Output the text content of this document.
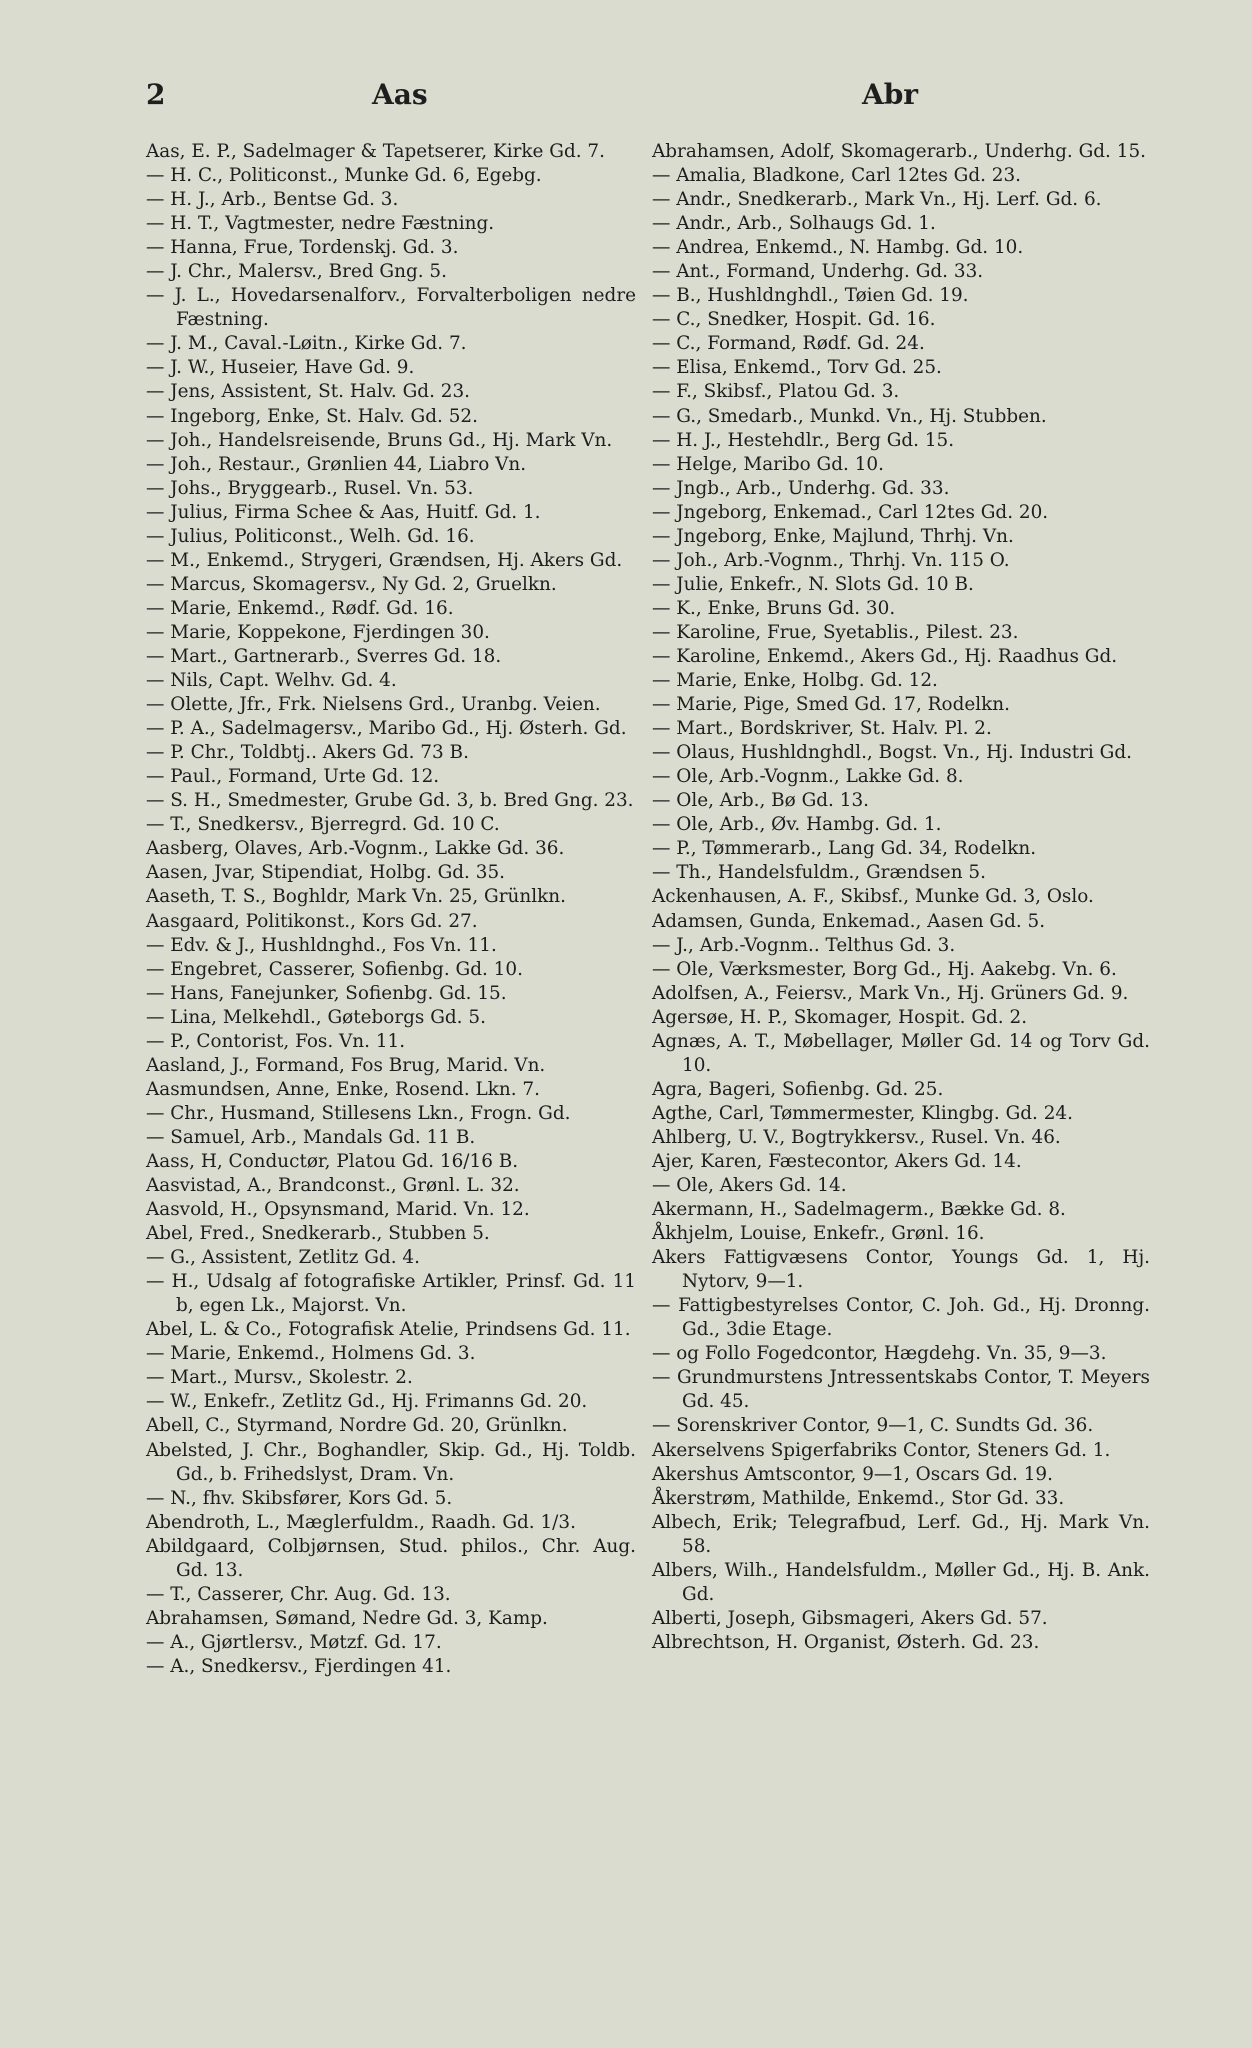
2	Aas	Abr
Aas, E. P., Sadelmager & Tapetserer, Kirke Gd. 7.
— H. C., Politiconst., Munke Gd. 6, Egebg.
— H. J., Arb., Bentse Gd. 3.
— H. T., Vagtmester, nedre Fæstning.
— Hanna, Frue, Tordenskj. Gd. 3.
— J. Chr., Malersv., Bred Gng. 5.
— J. L., Hovedarsenalforv., Forvalterboligen nedre Fæstning.
— J. M., Caval.-Løitn., Kirke Gd. 7.
— J. W., Huseier, Have Gd. 9.
— Jens, Assistent, St. Halv. Gd. 23.
— Ingeborg, Enke, St. Halv. Gd. 52.
— Joh., Handelsreisende, Bruns Gd., Hj. Mark Vn.
— Joh., Restaur., Grønlien 44, Liabro Vn.
— Johs., Bryggearb., Rusel. Vn. 53.
— Julius, Firma Schee & Aas, Huitf. Gd. 1.
— Julius, Politiconst., Welh. Gd. 16.
— M., Enkemd., Strygeri, Grændsen, Hj. Akers Gd.
— Marcus, Skomagersv., Ny Gd. 2, Gruelkn.
— Marie, Enkemd., Rødf. Gd. 16.
— Marie, Koppekone, Fjerdingen 30.
— Mart., Gartnerarb., Sverres Gd. 18.
— Nils, Capt. Welhv. Gd. 4.
— Olette, Jfr., Frk. Nielsens Grd., Uranbg. Veien.
— P. A., Sadelmagersv., Maribo Gd., Hj. Østerh. Gd.
— P. Chr., Toldbtj.. Akers Gd. 73 B.
— Paul., Formand, Urte Gd. 12.
— S. H., Smedmester, Grube Gd. 3, b. Bred Gng. 23.
— T., Snedkersv., Bjerregrd. Gd. 10 C.
Aasberg, Olaves, Arb.-Vognm., Lakke Gd. 36.
Aasen, Jvar, Stipendiat, Holbg. Gd. 35.
Aaseth, T. S., Boghldr, Mark Vn. 25, Grünlkn.
Aasgaard, Politikonst., Kors Gd. 27.
— Edv. & J., Hushldnghd., Fos Vn. 11.
— Engebret, Casserer, Sofienbg. Gd. 10.
— Hans, Fanejunker, Sofienbg. Gd. 15.
— Lina, Melkehdl., Gøteborgs Gd. 5.
— P., Contorist, Fos. Vn. 11.
Aasland, J., Formand, Fos Brug, Marid. Vn.
Aasmundsen, Anne, Enke, Rosend. Lkn. 7.
— Chr., Husmand, Stillesens Lkn., Frogn. Gd.
— Samuel, Arb., Mandals Gd. 11 B.
Aass, H, Conductør, Platou Gd. 16/16 B.
Aasvistad, A., Brandconst., Grønl. L. 32.
Aasvold, H., Opsynsmand, Marid. Vn. 12.
Abel, Fred., Snedkerarb., Stubben 5.
— G., Assistent, Zetlitz Gd. 4.
— H., Udsalg af fotografiske Artikler, Prinsf. Gd. 11 b, egen Lk., Majorst. Vn.
Abel, L. & Co., Fotografisk Atelie, Prindsens Gd. 11.
— Marie, Enkemd., Holmens Gd. 3.
— Mart., Mursv., Skolestr. 2.
— W., Enkefr., Zetlitz Gd., Hj. Frimanns Gd. 20.
Abell, C., Styrmand, Nordre Gd. 20, Grünlkn.
Abelsted, J. Chr., Boghandler, Skip. Gd., Hj. Toldb. Gd., b. Frihedslyst, Dram. Vn.
— N., fhv. Skibsfører, Kors Gd. 5.
Abendroth, L., Mæglerfuldm., Raadh. Gd. 1/3.
Abildgaard, Colbjørnsen, Stud. philos., Chr. Aug. Gd. 13.
— T., Casserer, Chr. Aug. Gd. 13.
Abrahamsen, Sømand, Nedre Gd. 3, Kamp.
— A., Gjørtlersv., Møtzf. Gd. 17.
— A., Snedkersv., Fjerdingen 41.
Abrahamsen, Adolf, Skomagerarb., Underhg. Gd. 15.
— Amalia, Bladkone, Carl 12tes Gd. 23.
— Andr., Snedkerarb., Mark Vn., Hj. Lerf. Gd. 6.
— Andr., Arb., Solhaugs Gd. 1.
— Andrea, Enkemd., N. Hambg. Gd. 10.
— Ant., Formand, Underhg. Gd. 33.
— B., Hushldnghdl., Tøien Gd. 19.
— C., Snedker, Hospit. Gd. 16.
— C., Formand, Rødf. Gd. 24.
— Elisa, Enkemd., Torv Gd. 25.
— F., Skibsf., Platou Gd. 3.
— G., Smedarb., Munkd. Vn., Hj. Stubben.
— H. J., Hestehdlr., Berg Gd. 15.
— Helge, Maribo Gd. 10.
— Jngb., Arb., Underhg. Gd. 33.
— Jngeborg, Enkemad., Carl 12tes Gd. 20.
— Jngeborg, Enke, Majlund, Thrhj. Vn.
— Joh., Arb.-Vognm., Thrhj. Vn. 115 O.
— Julie, Enkefr., N. Slots Gd. 10 B.
— K., Enke, Bruns Gd. 30.
— Karoline, Frue, Syetablis., Pilest. 23.
— Karoline, Enkemd., Akers Gd., Hj. Raadhus Gd.
— Marie, Enke, Holbg. Gd. 12.
— Marie, Pige, Smed Gd. 17, Rodelkn.
— Mart., Bordskriver, St. Halv. Pl. 2.
— Olaus, Hushldnghdl., Bogst. Vn., Hj. Industri Gd.
— Ole, Arb.-Vognm., Lakke Gd. 8.
— Ole, Arb., Bø Gd. 13.
— Ole, Arb., Øv. Hambg. Gd. 1.
— P., Tømmerarb., Lang Gd. 34, Rodelkn.
— Th., Handelsfuldm., Grændsen 5.
Ackenhausen, A. F., Skibsf., Munke Gd. 3, Oslo.
Adamsen, Gunda, Enkemad., Aasen Gd. 5.
— J., Arb.-Vognm.. Telthus Gd. 3.
— Ole, Værksmester, Borg Gd., Hj. Aakebg. Vn. 6.
Adolfsen, A., Feiersv., Mark Vn., Hj. Grüners Gd. 9.
Agersøe, H. P., Skomager, Hospit. Gd. 2.
Agnæs, A. T., Møbellager, Møller Gd. 14 og Torv Gd. 10.
Agra, Bageri, Sofienbg. Gd. 25.
Agthe, Carl, Tømmermester, Klingbg. Gd. 24.
Ahlberg, U. V., Bogtrykkersv., Rusel. Vn. 46.
Ajer, Karen, Fæstecontor, Akers Gd. 14.
— Ole, Akers Gd. 14.
Akermann, H., Sadelmagerm., Bække Gd. 8.
Åkhjelm, Louise, Enkefr., Grønl. 16.
Akers Fattigvæsens Contor, Youngs Gd. 1, Hj. Nytorv, 9—1.
— Fattigbestyrelses Contor, C. Joh. Gd., Hj. Dronng. Gd., 3die Etage.
— og Follo Fogedcontor, Hægdehg. Vn. 35, 9—3.
— Grundmurstens Jntressentskabs Contor, T. Meyers Gd. 45.
— Sorenskriver Contor, 9—1, C. Sundts Gd. 36.
Akerselvens Spigerfabriks Contor, Steners Gd. 1.
Akershus Amtscontor, 9—1, Oscars Gd. 19.
Åkerstrøm, Mathilde, Enkemd., Stor Gd. 33.
Albech, Erik; Telegrafbud, Lerf. Gd., Hj. Mark Vn. 58.
Albers, Wilh., Handelsfuldm., Møller Gd., Hj. B. Ank. Gd.
Alberti, Joseph, Gibsmageri, Akers Gd. 57.
Albrechtson, H. Organist, Østerh. Gd. 23.
